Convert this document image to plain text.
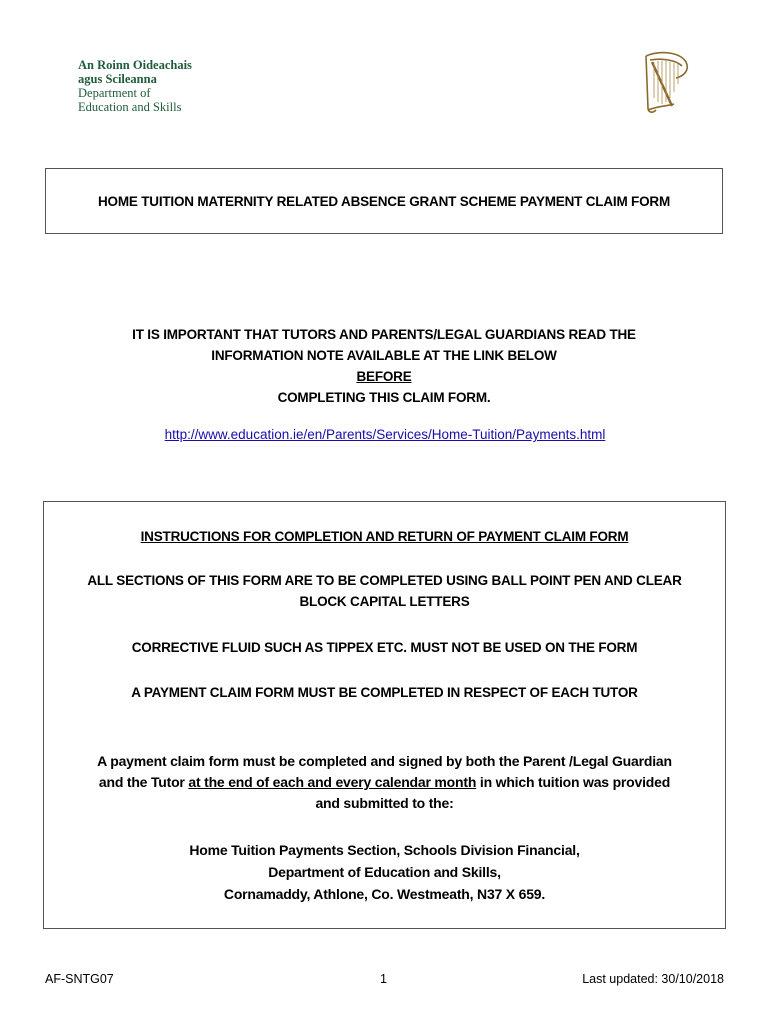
An Roinn Oideachais
agus Scileanna
Department of
Education and Skills
HOME TUITION MATERNITY RELATED ABSENCE GRANT SCHEME PAYMENT CLAIM FORM
IT IS IMPORTANT THAT TUTORS AND PARENTS/LEGAL GUARDIANS READ THE
INFORMATION NOTE AVAILABLE AT THE LINK BELOW
BEFORE
COMPLETING THIS CLAIM FORM.
http://www.education.ie/en/Parents/Services/Home-Tuition/Payments.html
INSTRUCTIONS FOR COMPLETION AND RETURN OF PAYMENT CLAIM FORM
ALL SECTIONS OF THIS FORM ARE TO BE COMPLETED USING BALL POINT PEN AND CLEAR
BLOCK CAPITAL LETTERS
CORRECTIVE FLUID SUCH AS TIPPEX ETC. MUST NOT BE USED ON THE FORM
A PAYMENT CLAIM FORM MUST BE COMPLETED IN RESPECT OF EACH TUTOR
A payment claim form must be completed and signed by both the Parent /Legal Guardian
and the Tutor at the end of each and every calendar month in which tuition was provided
and submitted to the:
Home Tuition Payments Section, Schools Division Financial,
Department of Education and Skills,
Cornamaddy, Athlone, Co. Westmeath, N37 X 659.
AF-SNTG07	1	Last updated: 30/10/2018
